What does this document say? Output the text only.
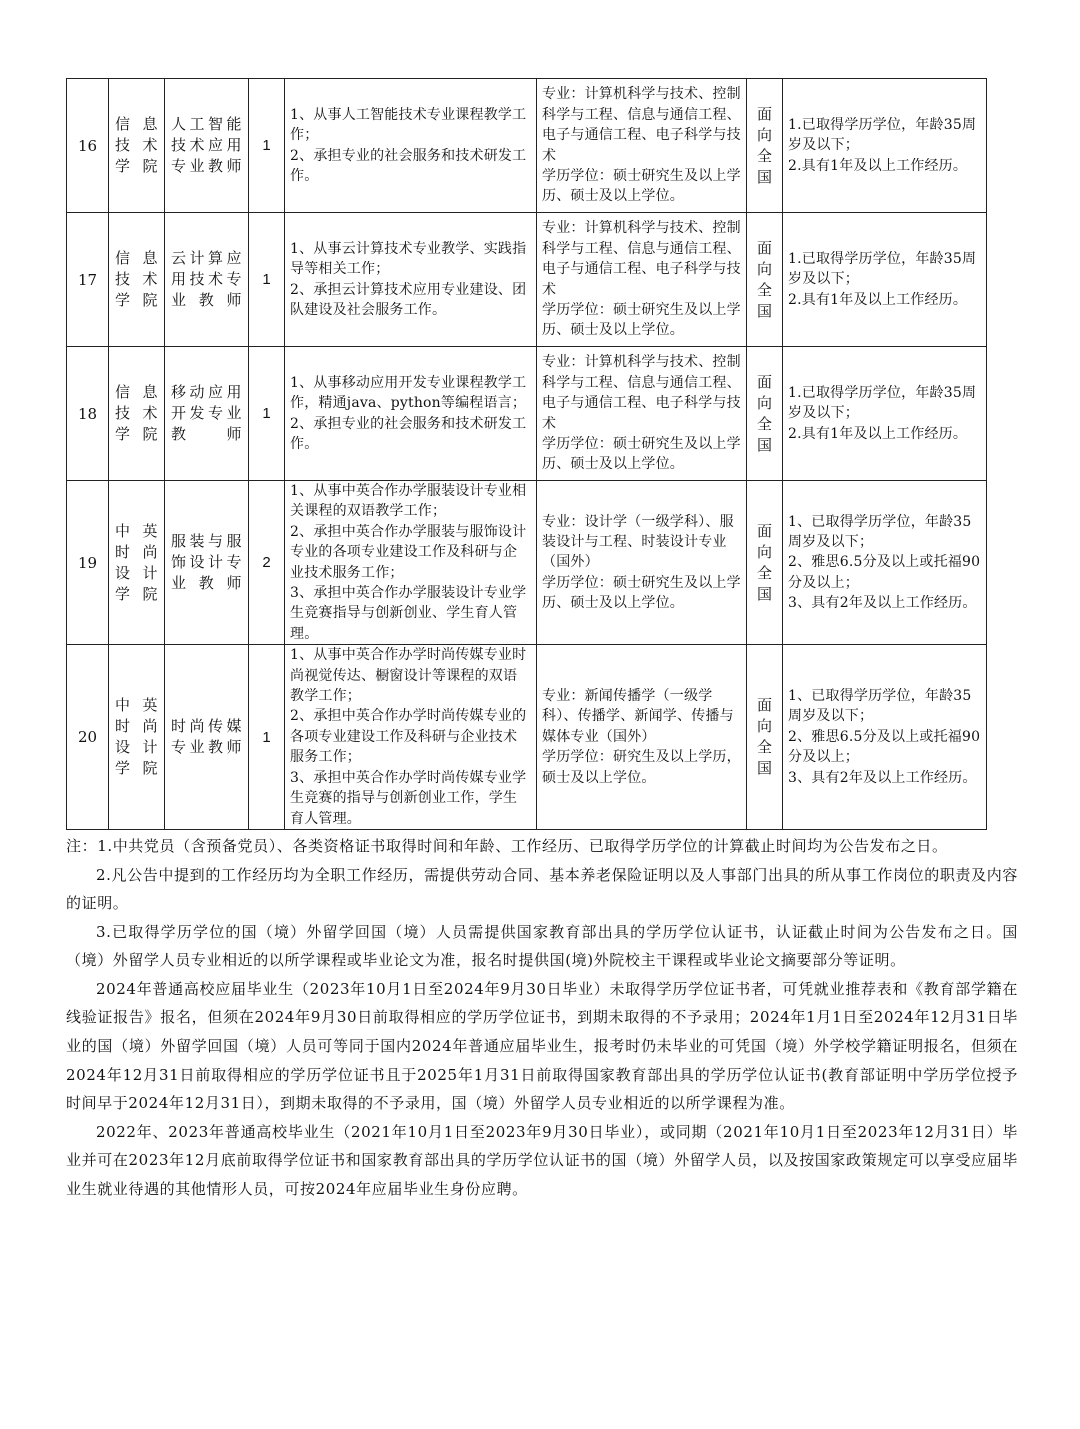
16	信息技术学院	人工智能技术应用专业教师	1	1、从事人工智能技术专业课程教学工作；
2、承担专业的社会服务和技术研发工作。	专业：计算机科学与技术、控制科学与工程、信息与通信工程、电子与通信工程、电子科学与技术
学历学位：硕士研究生及以上学历、硕士及以上学位。	面向全国	1.已取得学历学位，年龄35周岁及以下；
2.具有1年及以上工作经历。

17	信息技术学院	云计算应用技术专业教师	1	1、从事云计算技术专业教学、实践指导等相关工作；
2、承担云计算技术应用专业建设、团队建设及社会服务工作。	专业：计算机科学与技术、控制科学与工程、信息与通信工程、电子与通信工程、电子科学与技术
学历学位：硕士研究生及以上学历、硕士及以上学位。	面向全国	1.已取得学历学位，年龄35周岁及以下；
2.具有1年及以上工作经历。

18	信息技术学院	移动应用开发专业教师	1	1、从事移动应用开发专业课程教学工作，精通java、python等编程语言；
2、承担专业的社会服务和技术研发工作。	专业：计算机科学与技术、控制科学与工程、信息与通信工程、电子与通信工程、电子科学与技术
学历学位：硕士研究生及以上学历、硕士及以上学位。	面向全国	1.已取得学历学位，年龄35周岁及以下；
2.具有1年及以上工作经历。

19	中英时尚设计学院	服装与服饰设计专业教师	2	1、从事中英合作办学服装设计专业相关课程的双语教学工作；
2、承担中英合作办学服装与服饰设计专业的各项专业建设工作及科研与企业技术服务工作；
3、承担中英合作办学服装设计专业学生竞赛指导与创新创业、学生育人管理。	专业：设计学（一级学科）、服装设计与工程、时装设计专业（国外）
学历学位：硕士研究生及以上学历、硕士及以上学位。	面向全国	1、已取得学历学位，年龄35周岁及以下；
2、雅思6.5分及以上或托福90分及以上；
3、具有2年及以上工作经历。

20	中英时尚设计学院	时尚传媒专业教师	1	1、从事中英合作办学时尚传媒专业时尚视觉传达、橱窗设计等课程的双语教学工作；
2、承担中英合作办学时尚传媒专业的各项专业建设工作及科研与企业技术服务工作；
3、承担中英合作办学时尚传媒专业学生竞赛的指导与创新创业工作，学生育人管理。	专业：新闻传播学（一级学科）、传播学、新闻学、传播与媒体专业（国外）
学历学位：研究生及以上学历，硕士及以上学位。	面向全国	1、已取得学历学位，年龄35周岁及以下；
2、雅思6.5分及以上或托福90分及以上；
3、具有2年及以上工作经历。

注：1.中共党员（含预备党员）、各类资格证书取得时间和年龄、工作经历、已取得学历学位的计算截止时间均为公告发布之日。

2.凡公告中提到的工作经历均为全职工作经历，需提供劳动合同、基本养老保险证明以及人事部门出具的所从事工作岗位的职责及内容的证明。

3.已取得学历学位的国（境）外留学回国（境）人员需提供国家教育部出具的学历学位认证书，认证截止时间为公告发布之日。国（境）外留学人员专业相近的以所学课程或毕业论文为准，报名时提供国(境)外院校主干课程或毕业论文摘要部分等证明。

2024年普通高校应届毕业生（2023年10月1日至2024年9月30日毕业）未取得学历学位证书者，可凭就业推荐表和《教育部学籍在线验证报告》报名，但须在2024年9月30日前取得相应的学历学位证书，到期未取得的不予录用；2024年1月1日至2024年12月31日毕业的国（境）外留学回国（境）人员可等同于国内2024年普通应届毕业生，报考时仍未毕业的可凭国（境）外学校学籍证明报名，但须在2024年12月31日前取得相应的学历学位证书且于2025年1月31日前取得国家教育部出具的学历学位认证书(教育部证明中学历学位授予时间早于2024年12月31日），到期未取得的不予录用，国（境）外留学人员专业相近的以所学课程为准。

2022年、2023年普通高校毕业生（2021年10月1日至2023年9月30日毕业），或同期（2021年10月1日至2023年12月31日）毕业并可在2023年12月底前取得学位证书和国家教育部出具的学历学位认证书的国（境）外留学人员，以及按国家政策规定可以享受应届毕业生就业待遇的其他情形人员，可按2024年应届毕业生身份应聘。
